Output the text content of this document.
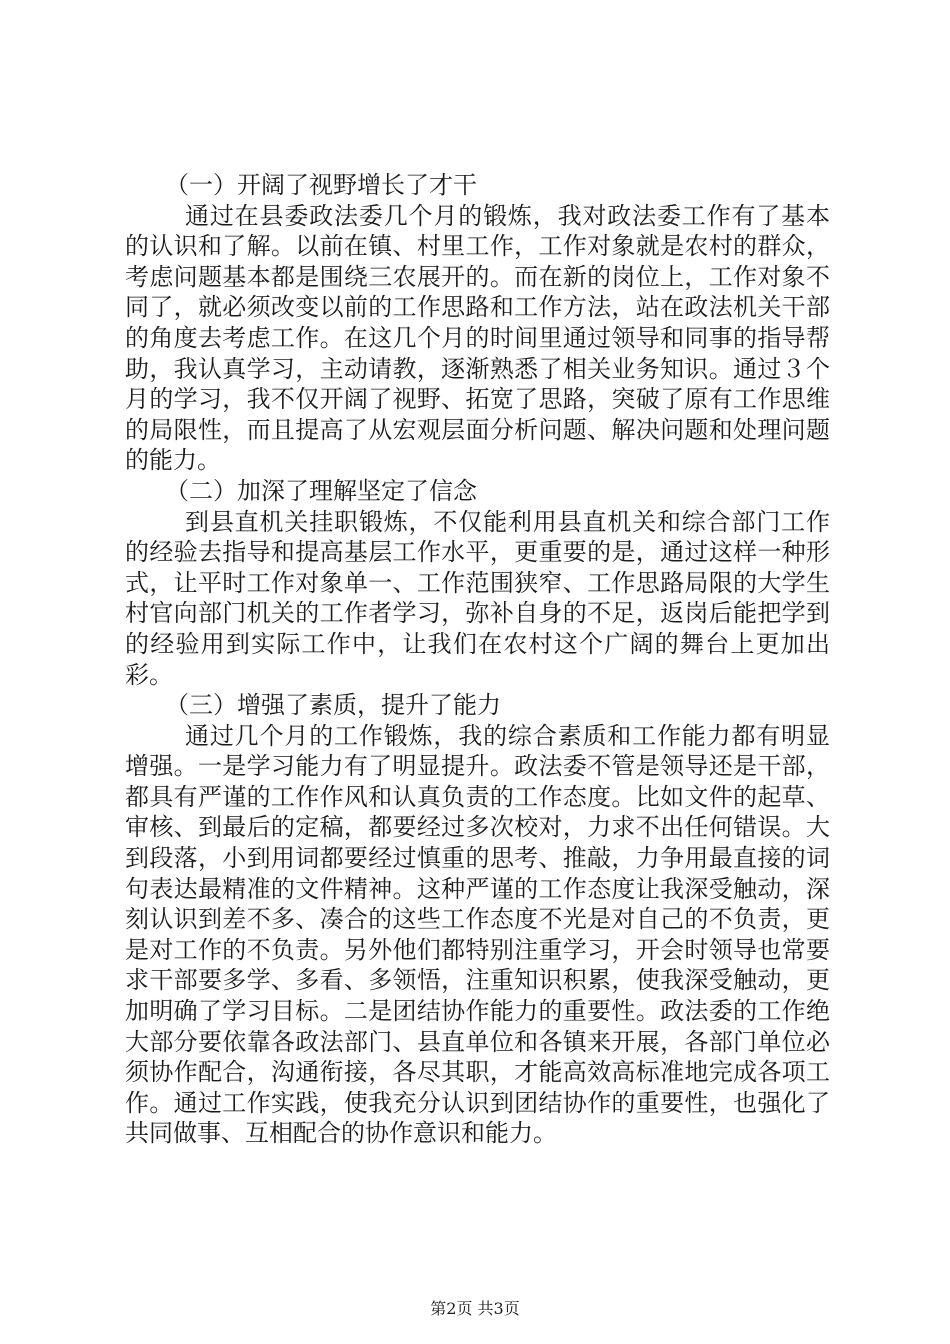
（一）开阔了视野增长了才干

通过在县委政法委几个月的锻炼，我对政法委工作有了基本的认识和了解。以前在镇、村里工作，工作对象就是农村的群众，考虑问题基本都是围绕三农展开的。而在新的岗位上，工作对象不同了，就必须改变以前的工作思路和工作方法，站在政法机关干部的角度去考虑工作。在这几个月的时间里通过领导和同事的指导帮助，我认真学习，主动请教，逐渐熟悉了相关业务知识。通过３个月的学习，我不仅开阔了视野、拓宽了思路，突破了原有工作思维的局限性，而且提高了从宏观层面分析问题、解决问题和处理问题的能力。

（二）加深了理解坚定了信念

到县直机关挂职锻炼，不仅能利用县直机关和综合部门工作的经验去指导和提高基层工作水平，更重要的是，通过这样一种形式，让平时工作对象单一、工作范围狭窄、工作思路局限的大学生村官向部门机关的工作者学习，弥补自身的不足，返岗后能把学到的经验用到实际工作中，让我们在农村这个广阔的舞台上更加出彩。

（三）增强了素质，提升了能力

通过几个月的工作锻炼，我的综合素质和工作能力都有明显增强。一是学习能力有了明显提升。政法委不管是领导还是干部，都具有严谨的工作作风和认真负责的工作态度。比如文件的起草、审核、到最后的定稿，都要经过多次校对，力求不出任何错误。大到段落，小到用词都要经过慎重的思考、推敲，力争用最直接的词句表达最精准的文件精神。这种严谨的工作态度让我深受触动，深刻认识到差不多、凑合的这些工作态度不光是对自己的不负责，更是对工作的不负责。另外他们都特别注重学习，开会时领导也常要求干部要多学、多看、多领悟，注重知识积累，使我深受触动，更加明确了学习目标。二是团结协作能力的重要性。政法委的工作绝大部分要依靠各政法部门、县直单位和各镇来开展，各部门单位必须协作配合，沟通衔接，各尽其职，才能高效高标准地完成各项工作。通过工作实践，使我充分认识到团结协作的重要性，也强化了共同做事、互相配合的协作意识和能力。

第2页 共3页
